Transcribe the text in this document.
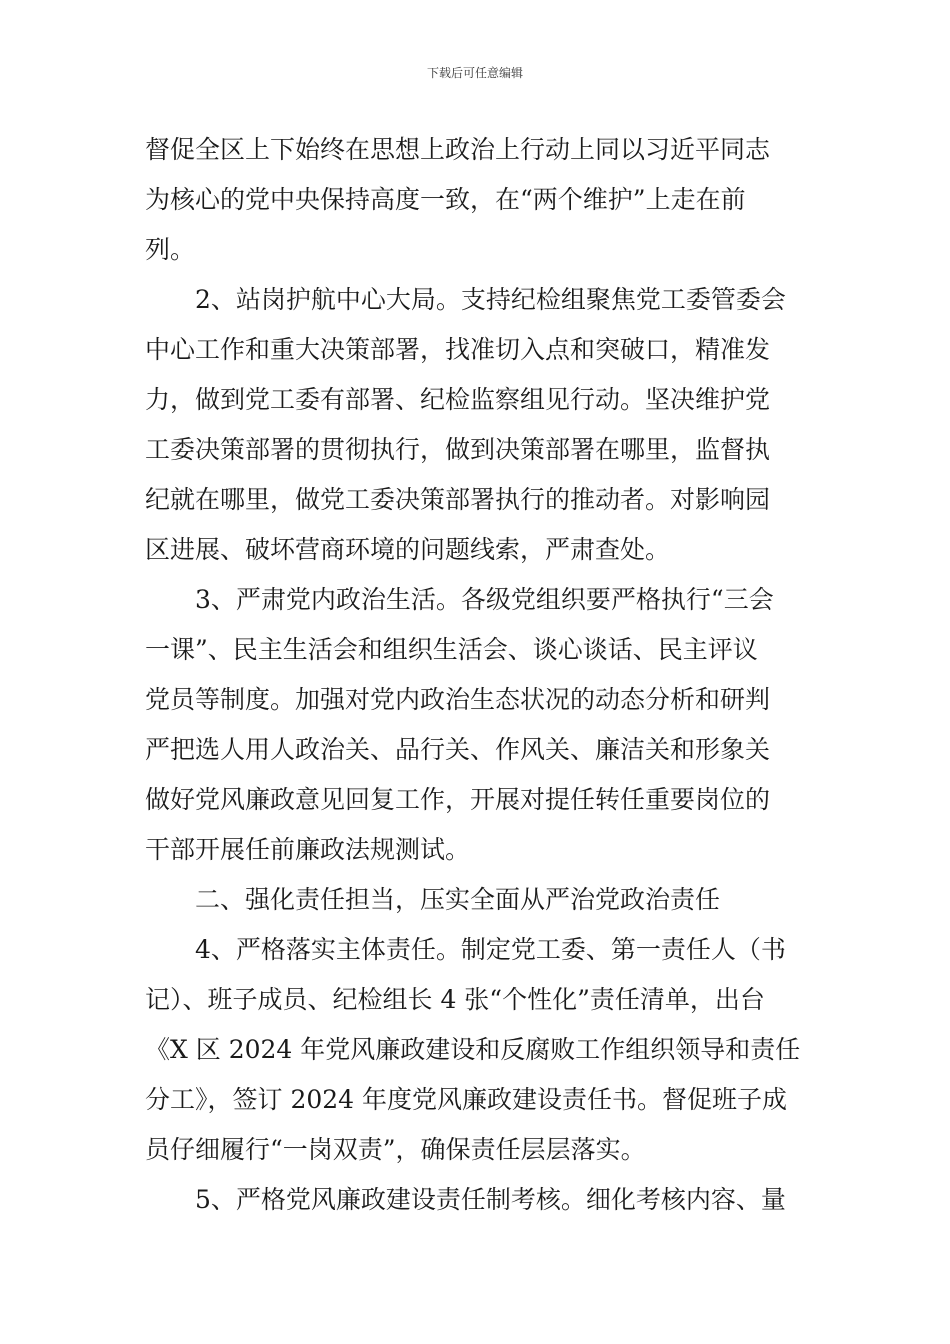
下载后可任意编辑
督促全区上下始终在思想上政治上行动上同以习近平同志
为核心的党中央保持高度一致，在“两个维护”上走在前
列。
2、站岗护航中心大局。支持纪检组聚焦党工委管委会
中心工作和重大决策部署，找准切入点和突破口，精准发
力，做到党工委有部署、纪检监察组见行动。坚决维护党
工委决策部署的贯彻执行，做到决策部署在哪里，监督执
纪就在哪里，做党工委决策部署执行的推动者。对影响园
区进展、破坏营商环境的问题线索，严肃查处。
3、严肃党内政治生活。各级党组织要严格执行“三会
一课”、民主生活会和组织生活会、谈心谈话、民主评议
党员等制度。加强对党内政治生态状况的动态分析和研判
严把选人用人政治关、品行关、作风关、廉洁关和形象关
做好党风廉政意见回复工作，开展对提任转任重要岗位的
干部开展任前廉政法规测试。
二、强化责任担当，压实全面从严治党政治责任
4、严格落实主体责任。制定党工委、第一责任人（书
记）、班子成员、纪检组长 4 张“个性化”责任清单，出台
《X 区 2024 年党风廉政建设和反腐败工作组织领导和责任
分工》，签订 2024 年度党风廉政建设责任书。督促班子成
员仔细履行“一岗双责”，确保责任层层落实。
5、严格党风廉政建设责任制考核。细化考核内容、量
